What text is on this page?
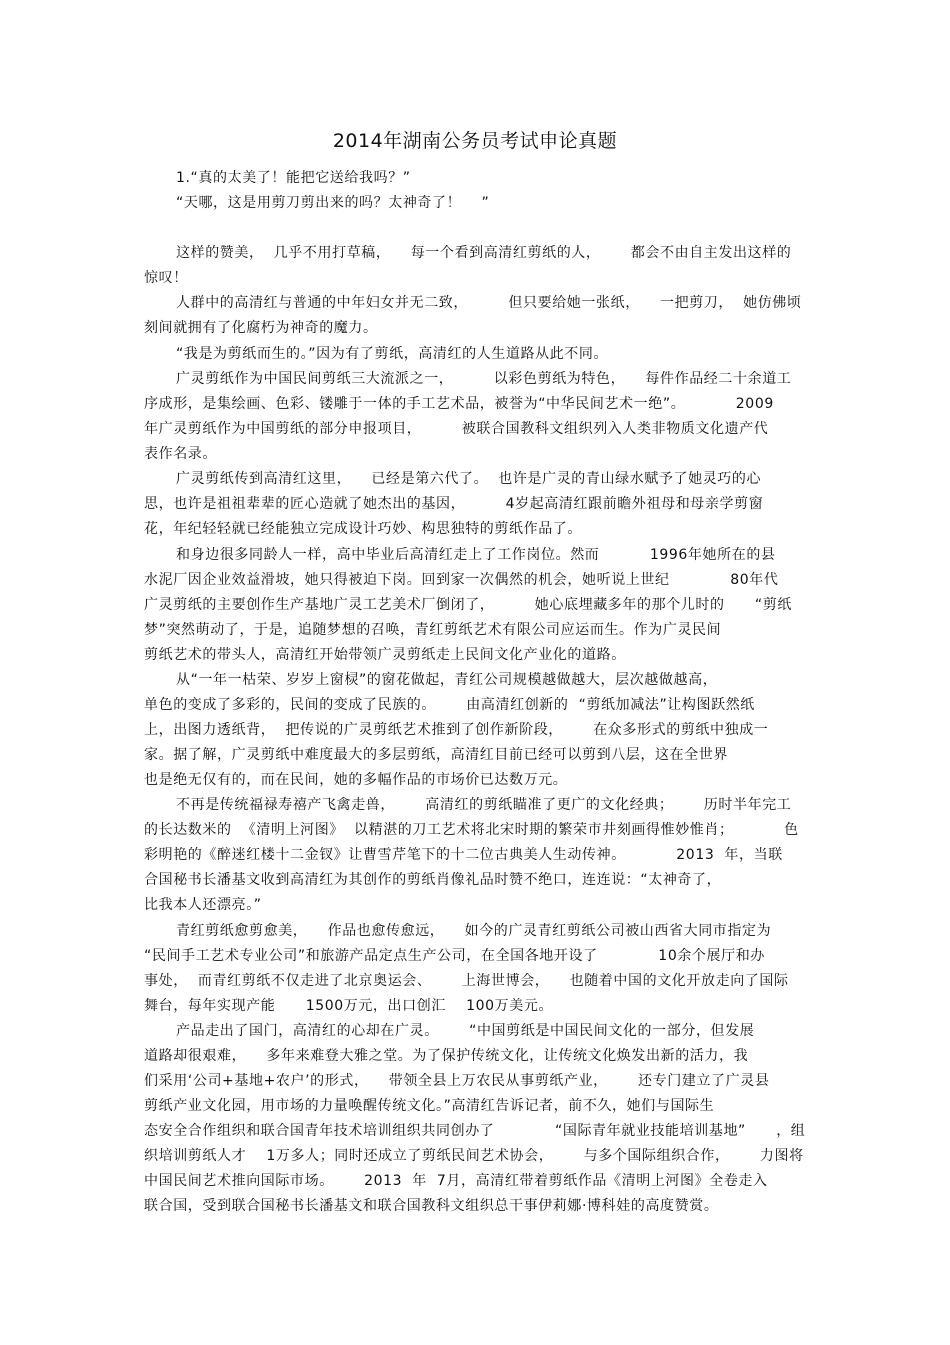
2014年湖南公务员考试申论真题
1.“真的太美了！能把它送给我吗？”
“天哪，这是用剪刀剪出来的吗？太神奇了！    ”
这样的赞美，  几乎不用打草稿，    每一个看到高清红剪纸的人，      都会不由自主发出这样的
惊叹！
人群中的高清红与普通的中年妇女并无二致，        但只要给她一张纸，    一把剪刀，  她仿佛顷
刻间就拥有了化腐朽为神奇的魔力。
“我是为剪纸而生的。”因为有了剪纸，高清红的人生道路从此不同。
广灵剪纸作为中国民间剪纸三大流派之一，        以彩色剪纸为特色，    每件作品经二十余道工
序成形，是集绘画、色彩、镂雕于一体的手工艺术品，被誉为“中华民间艺术一绝”。          2009
年广灵剪纸作为中国剪纸的部分申报项目，        被联合国教科文组织列入人类非物质文化遗产代
表作名录。
广灵剪纸传到高清红这里，    已经是第六代了。  也许是广灵的青山绿水赋予了她灵巧的心
思，也许是祖祖辈辈的匠心造就了她杰出的基因，        4岁起高清红跟前瞻外祖母和母亲学剪窗
花，年纪轻轻就已经能独立完成设计巧妙、构思独特的剪纸作品了。
和身边很多同龄人一样，高中毕业后高清红走上了工作岗位。然而          1996年她所在的县
水泥厂因企业效益滑坡，她只得被迫下岗。回到家一次偶然的机会，她听说上世纪            80年代
广灵剪纸的主要创作生产基地广灵工艺美术厂倒闭了，        她心底埋藏多年的那个儿时的      “剪纸
梦”突然萌动了，于是，追随梦想的召唤，青红剪纸艺术有限公司应运而生。作为广灵民间
剪纸艺术的带头人，高清红开始带领广灵剪纸走上民间文化产业化的道路。
从“一年一枯荣、岁岁上窗棂”的窗花做起，青红公司规模越做越大，层次越做越高，
单色的变成了多彩的，民间的变成了民族的。      由高清红创新的  “剪纸加减法”让构图跃然纸
上，出图力透纸背，  把传说的广灵剪纸艺术推到了创作新阶段，      在众多形式的剪纸中独成一
家。据了解，广灵剪纸中难度最大的多层剪纸，高清红目前已经可以剪到八层，这在全世界
也是绝无仅有的，而在民间，她的多幅作品的市场价已达数万元。
不再是传统福禄寿禧产飞禽走兽，      高清红的剪纸瞄准了更广的文化经典；      历时半年完工
的长达数米的  《清明上河图》  以精湛的刀工艺术将北宋时期的繁荣市井刻画得惟妙惟肖；          色
彩明艳的《醉迷红楼十二金钗》让曹雪芹笔下的十二位古典美人生动传神。          2013  年，当联
合国秘书长潘基文收到高清红为其创作的剪纸肖像礼品时赞不绝口，连连说：“太神奇了，
比我本人还漂亮。”
青红剪纸愈剪愈美，    作品也愈传愈远，    如今的广灵青红剪纸公司被山西省大同市指定为
“民间手工艺术专业公司”和旅游产品定点生产公司，在全国各地开设了            10余个展厅和办
事处，  而青红剪纸不仅走进了北京奥运会、      上海世博会，    也随着中国的文化开放走向了国际
舞台，每年实现产能      1500万元，出口创汇    100万美元。
产品走出了国门，高清红的心却在广灵。      “中国剪纸是中国民间文化的一部分，但发展
道路却很艰难，    多年来难登大雅之堂。为了保护传统文化，让传统文化焕发出新的活力，我
们采用‘公司+基地+农户’的形式，    带领全县上万农民从事剪纸产业，      还专门建立了广灵县
剪纸产业文化园，用市场的力量唤醒传统文化。”高清红告诉记者，前不久，她们与国际生
态安全合作组织和联合国青年技术培训组织共同创办了            “国际青年就业技能培训基地”      ，组
织培训剪纸人才    1万多人；同时还成立了剪纸民间艺术协会，      与多个国际组织合作，      力图将
中国民间艺术推向国际市场。      2013  年  7月，高清红带着剪纸作品《清明上河图》全卷走入
联合国，受到联合国秘书长潘基文和联合国教科文组织总干事伊莉娜·博科娃的高度赞赏。
